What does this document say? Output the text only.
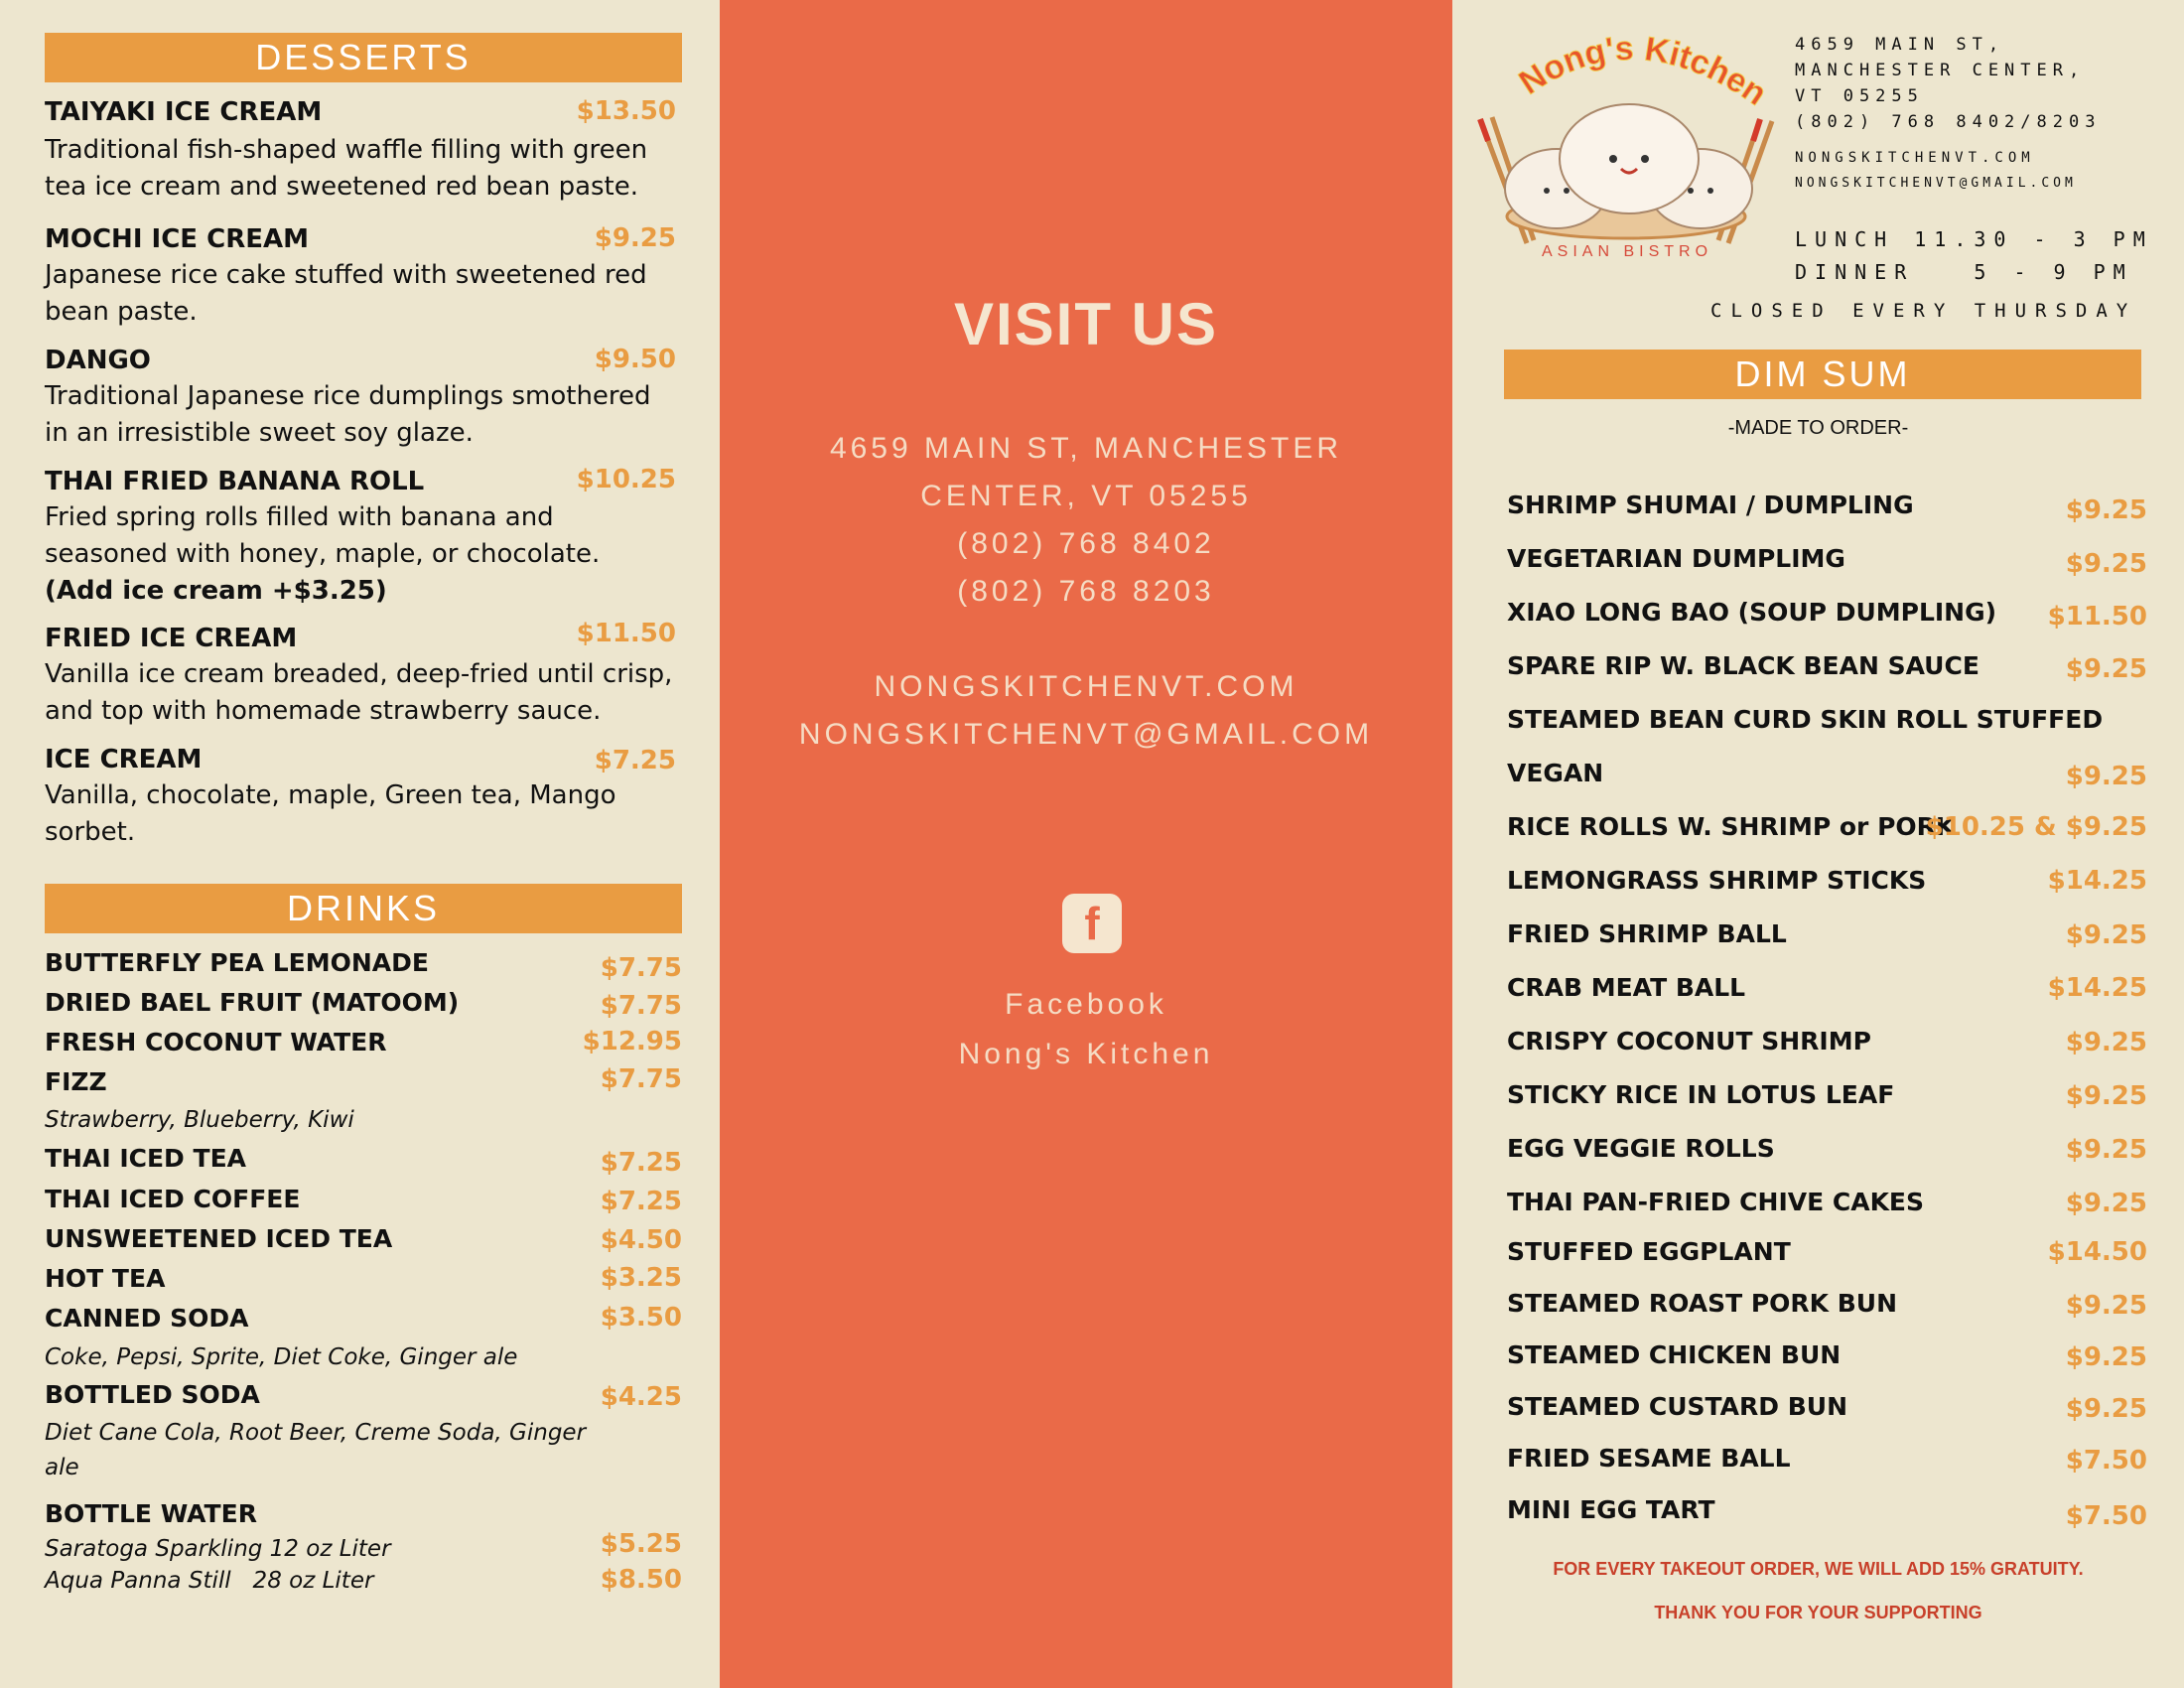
DESSERTS
TAIYAKI ICE CREAM	$13.50
Traditional fish-shaped waffle filling with green tea ice cream and sweetened red bean paste.
MOCHI ICE CREAM	$9.25
Japanese rice cake stuffed with sweetened red bean paste.
DANGO	$9.50
Traditional Japanese rice dumplings smothered in an irresistible sweet soy glaze.
THAI FRIED BANANA ROLL	$10.25
Fried spring rolls filled with banana and seasoned with honey, maple, or chocolate.
(Add ice cream +$3.25)
FRIED ICE CREAM	$11.50
Vanilla ice cream breaded, deep-fried until crisp, and top with homemade strawberry sauce.
ICE CREAM	$7.25
Vanilla, chocolate, maple, Green tea, Mango sorbet.
DRINKS
BUTTERFLY PEA LEMONADE	$7.75
DRIED BAEL FRUIT (MATOOM)	$7.75
FRESH COCONUT WATER	$12.95
FIZZ	$7.75
Strawberry, Blueberry, Kiwi
THAI ICED TEA	$7.25
THAI ICED COFFEE	$7.25
UNSWEETENED ICED TEA	$4.50
HOT TEA	$3.25
CANNED SODA	$3.50
Coke, Pepsi, Sprite, Diet Coke, Ginger ale
BOTTLED SODA	$4.25
Diet Cane Cola, Root Beer, Creme Soda, Ginger ale
BOTTLE WATER
Saratoga Sparkling 12 oz Liter	$5.25
Aqua Panna Still   28 oz Liter	$8.50
VISIT US
4659 MAIN ST, MANCHESTER
CENTER, VT 05255
(802) 768 8402
(802) 768 8203
NONGSKITCHENVT.COM
NONGSKITCHENVT@GMAIL.COM
f
Facebook
Nong's Kitchen
Nong's Kitchen
ASIAN BISTRO
4659 MAIN ST,
MANCHESTER CENTER,
VT 05255
(802) 768 8402/8203
NONGSKITCHENVT.COM
NONGSKITCHENVT@GMAIL.COM
LUNCH 11.30 - 3 PM
DINNER   5 - 9 PM
CLOSED EVERY THURSDAY
DIM SUM
-MADE TO ORDER-
SHRIMP SHUMAI / DUMPLING	$9.25
VEGETARIAN DUMPLIMG	$9.25
XIAO LONG BAO (SOUP DUMPLING) $11.50
SPARE RIP W. BLACK BEAN SAUCE	$9.25
STEAMED BEAN CURD SKIN ROLL STUFFED
VEGAN	$9.25
RICE ROLLS W. SHRIMP or PORK
$10.25 & $9.25
LEMONGRASS SHRIMP STICKS	$14.25
FRIED SHRIMP BALL	$9.25
CRAB MEAT BALL	$14.25
CRISPY COCONUT SHRIMP	$9.25
STICKY RICE IN LOTUS LEAF	$9.25
EGG VEGGIE ROLLS	$9.25
THAI PAN-FRIED CHIVE CAKES	$9.25
STUFFED EGGPLANT	$14.50
STEAMED ROAST PORK BUN	$9.25
STEAMED CHICKEN BUN	$9.25
STEAMED CUSTARD BUN	$9.25
FRIED SESAME BALL	$7.50
MINI EGG TART	$7.50
FOR EVERY TAKEOUT ORDER, WE WILL ADD 15% GRATUITY.
THANK YOU FOR YOUR SUPPORTING
